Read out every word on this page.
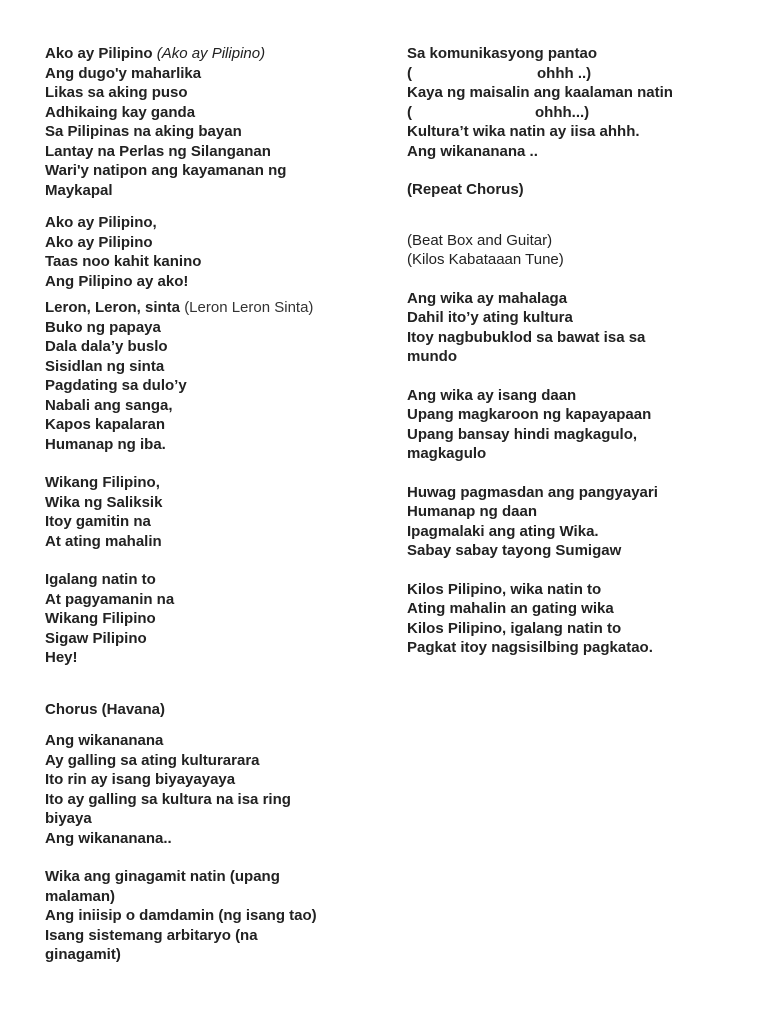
Ako ay Pilipino (Ako ay Pilipino)
Ang dugo'y maharlika
Likas sa aking puso
Adhikaing kay ganda
Sa Pilipinas na aking bayan
Lantay na Perlas ng Silanganan
Wari'y natipon ang kayamanan ng
Maykapal
Ako ay Pilipino,
Ako ay Pilipino
Taas noo kahit kanino
Ang Pilipino ay ako!
Leron, Leron, sinta (Leron Leron Sinta)
Buko ng papaya
Dala dala’y buslo
Sisidlan ng sinta
Pagdating sa dulo’y
Nabali ang sanga,
Kapos kapalaran
Humanap ng iba.
Wikang Filipino,
Wika ng Saliksik
Itoy gamitin na
At ating mahalin
Igalang natin to
At pagyamanin na
Wikang Filipino
Sigaw Pilipino
Hey!
Chorus (Havana)
Ang wikananana
Ay galling sa ating kulturarara
Ito rin ay isang biyayayaya
Ito ay galling sa kultura na isa ring
biyaya
Ang wikananana..
Wika ang ginagamit natin (upang
malaman)
Ang iniisip o damdamin (ng isang tao)
Isang sistemang arbitaryo (na
ginagamit)
Sa komunikasyong pantao
(	ohhh ..)
Kaya ng maisalin ang kaalaman natin
(	ohhh...)
Kultura’t wika natin ay iisa ahhh.
Ang wikananana ..
(Repeat Chorus)
(Beat Box and Guitar)
(Kilos Kabataaan Tune)
Ang wika ay mahalaga
Dahil ito’y ating kultura
Itoy nagbubuklod sa bawat isa sa
mundo
Ang wika ay isang daan
Upang magkaroon ng kapayapaan
Upang bansay hindi magkagulo,
magkagulo
Huwag pagmasdan ang pangyayari
Humanap ng daan
Ipagmalaki ang ating Wika.
Sabay sabay tayong Sumigaw
Kilos Pilipino, wika natin to
Ating mahalin an gating wika
Kilos Pilipino, igalang natin to
Pagkat itoy nagsisilbing pagkatao.
